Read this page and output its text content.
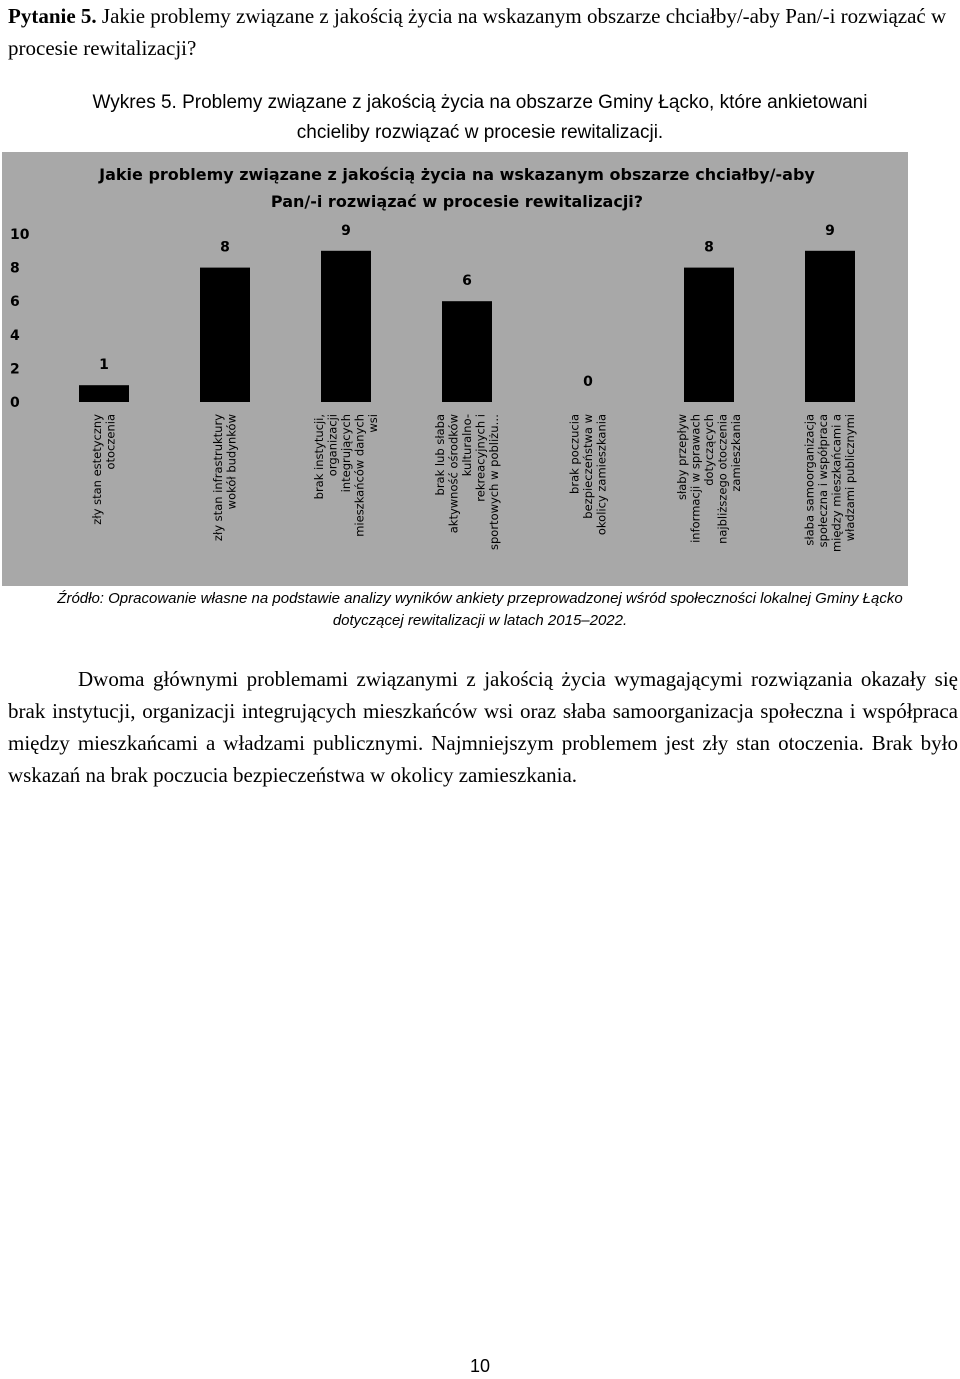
Pytanie 5. Jakie problemy związane z jakością życia na wskazanym obszarze chciałby/-aby Pan/-i rozwiązać w procesie rewitalizacji?
Wykres 5. Problemy związane z jakością życia na obszarze Gminy Łącko, które ankietowani
chcieliby rozwiązać w procesie rewitalizacji.
Jakie problemy związane z jakością życia na wskazanym obszarze chciałby/-aby
Pan/-i rozwiązać w procesie rewitalizacji?
0
2
4
6
8
10
1
zły stan estetyczny otoczenia
8
zły stan infrastruktury wokół budynków
9
brak instytucji, organizacji integrujących mieszkańców danych wsi
6
brak lub słaba aktywność ośrodków kulturalno- rekreacyjnych i sportowych w pobliżu…
0
brak poczucia bezpieczeństwa w okolicy zamieszkania
8
słaby przepływ informacji w sprawach dotyczących najbliższego otoczenia zamieszkania
9
słaba samoorganizacja społeczna i współpraca między mieszkańcami a władzami publicznymi
Źródło: Opracowanie własne na podstawie analizy wyników ankiety przeprowadzonej wśród społeczności lokalnej Gminy Łącko dotyczącej rewitalizacji w latach 2015–2022.
Dwoma głównymi problemami związanymi z jakością życia wymagającymi rozwiązania okazały się brak instytucji, organizacji integrujących mieszkańców wsi oraz słaba samoorganizacja społeczna i współpraca między mieszkańcami a władzami publicznymi. Najmniejszym problemem jest zły stan otoczenia. Brak było wskazań na brak poczucia bezpieczeństwa w okolicy zamieszkania.
10
